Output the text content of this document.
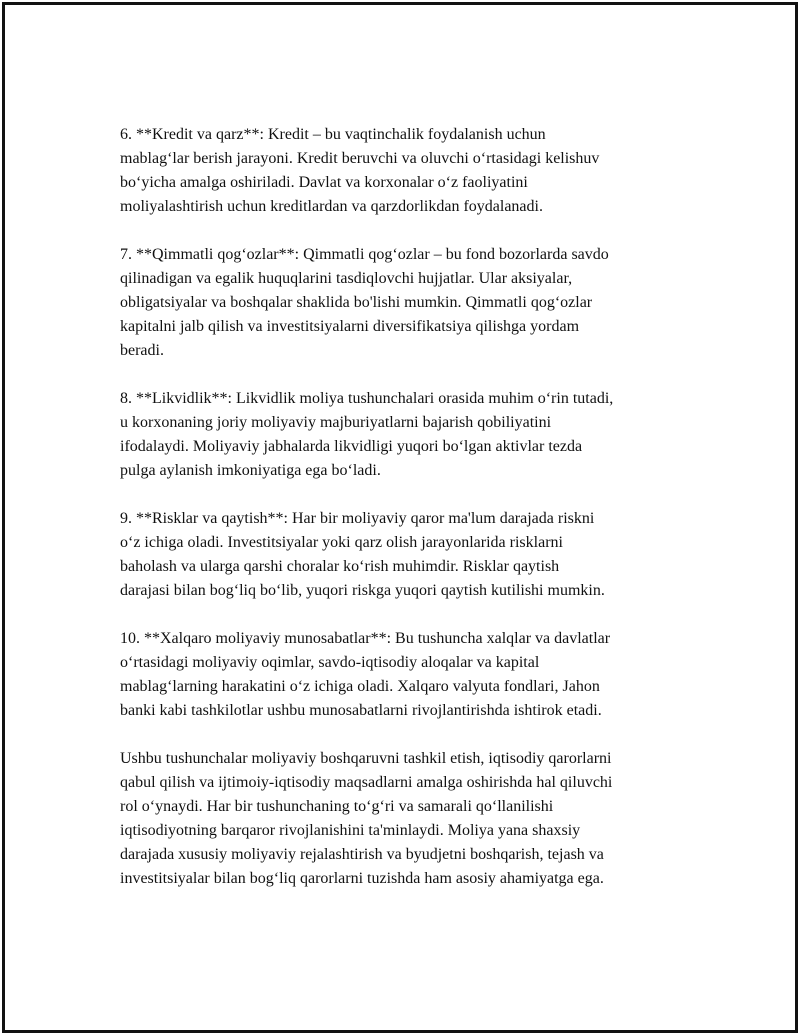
6. **Kredit va qarz**: Kredit – bu vaqtinchalik foydalanish uchun
mablag‘lar berish jarayoni. Kredit beruvchi va oluvchi o‘rtasidagi kelishuv
bo‘yicha amalga oshiriladi. Davlat va korxonalar o‘z faoliyatini
moliyalashtirish uchun kreditlardan va qarzdorlikdan foydalanadi.

7. **Qimmatli qog‘ozlar**: Qimmatli qog‘ozlar – bu fond bozorlarda savdo
qilinadigan va egalik huquqlarini tasdiqlovchi hujjatlar. Ular aksiyalar,
obligatsiyalar va boshqalar shaklida bo'lishi mumkin. Qimmatli qog‘ozlar
kapitalni jalb qilish va investitsiyalarni diversifikatsiya qilishga yordam
beradi.

8. **Likvidlik**: Likvidlik moliya tushunchalari orasida muhim o‘rin tutadi,
u korxonaning joriy moliyaviy majburiyatlarni bajarish qobiliyatini
ifodalaydi. Moliyaviy jabhalarda likvidligi yuqori bo‘lgan aktivlar tezda
pulga aylanish imkoniyatiga ega bo‘ladi.

9. **Risklar va qaytish**: Har bir moliyaviy qaror ma'lum darajada riskni
o‘z ichiga oladi. Investitsiyalar yoki qarz olish jarayonlarida risklarni
baholash va ularga qarshi choralar ko‘rish muhimdir. Risklar qaytish
darajasi bilan bog‘liq bo‘lib, yuqori riskga yuqori qaytish kutilishi mumkin.

10. **Xalqaro moliyaviy munosabatlar**: Bu tushuncha xalqlar va davlatlar
o‘rtasidagi moliyaviy oqimlar, savdo-iqtisodiy aloqalar va kapital
mablag‘larning harakatini o‘z ichiga oladi. Xalqaro valyuta fondlari, Jahon
banki kabi tashkilotlar ushbu munosabatlarni rivojlantirishda ishtirok etadi.

Ushbu tushunchalar moliyaviy boshqaruvni tashkil etish, iqtisodiy qarorlarni
qabul qilish va ijtimoiy-iqtisodiy maqsadlarni amalga oshirishda hal qiluvchi
rol o‘ynaydi. Har bir tushunchaning to‘g‘ri va samarali qo‘llanilishi
iqtisodiyotning barqaror rivojlanishini ta'minlaydi. Moliya yana shaxsiy
darajada xususiy moliyaviy rejalashtirish va byudjetni boshqarish, tejash va
investitsiyalar bilan bog‘liq qarorlarni tuzishda ham asosiy ahamiyatga ega.
